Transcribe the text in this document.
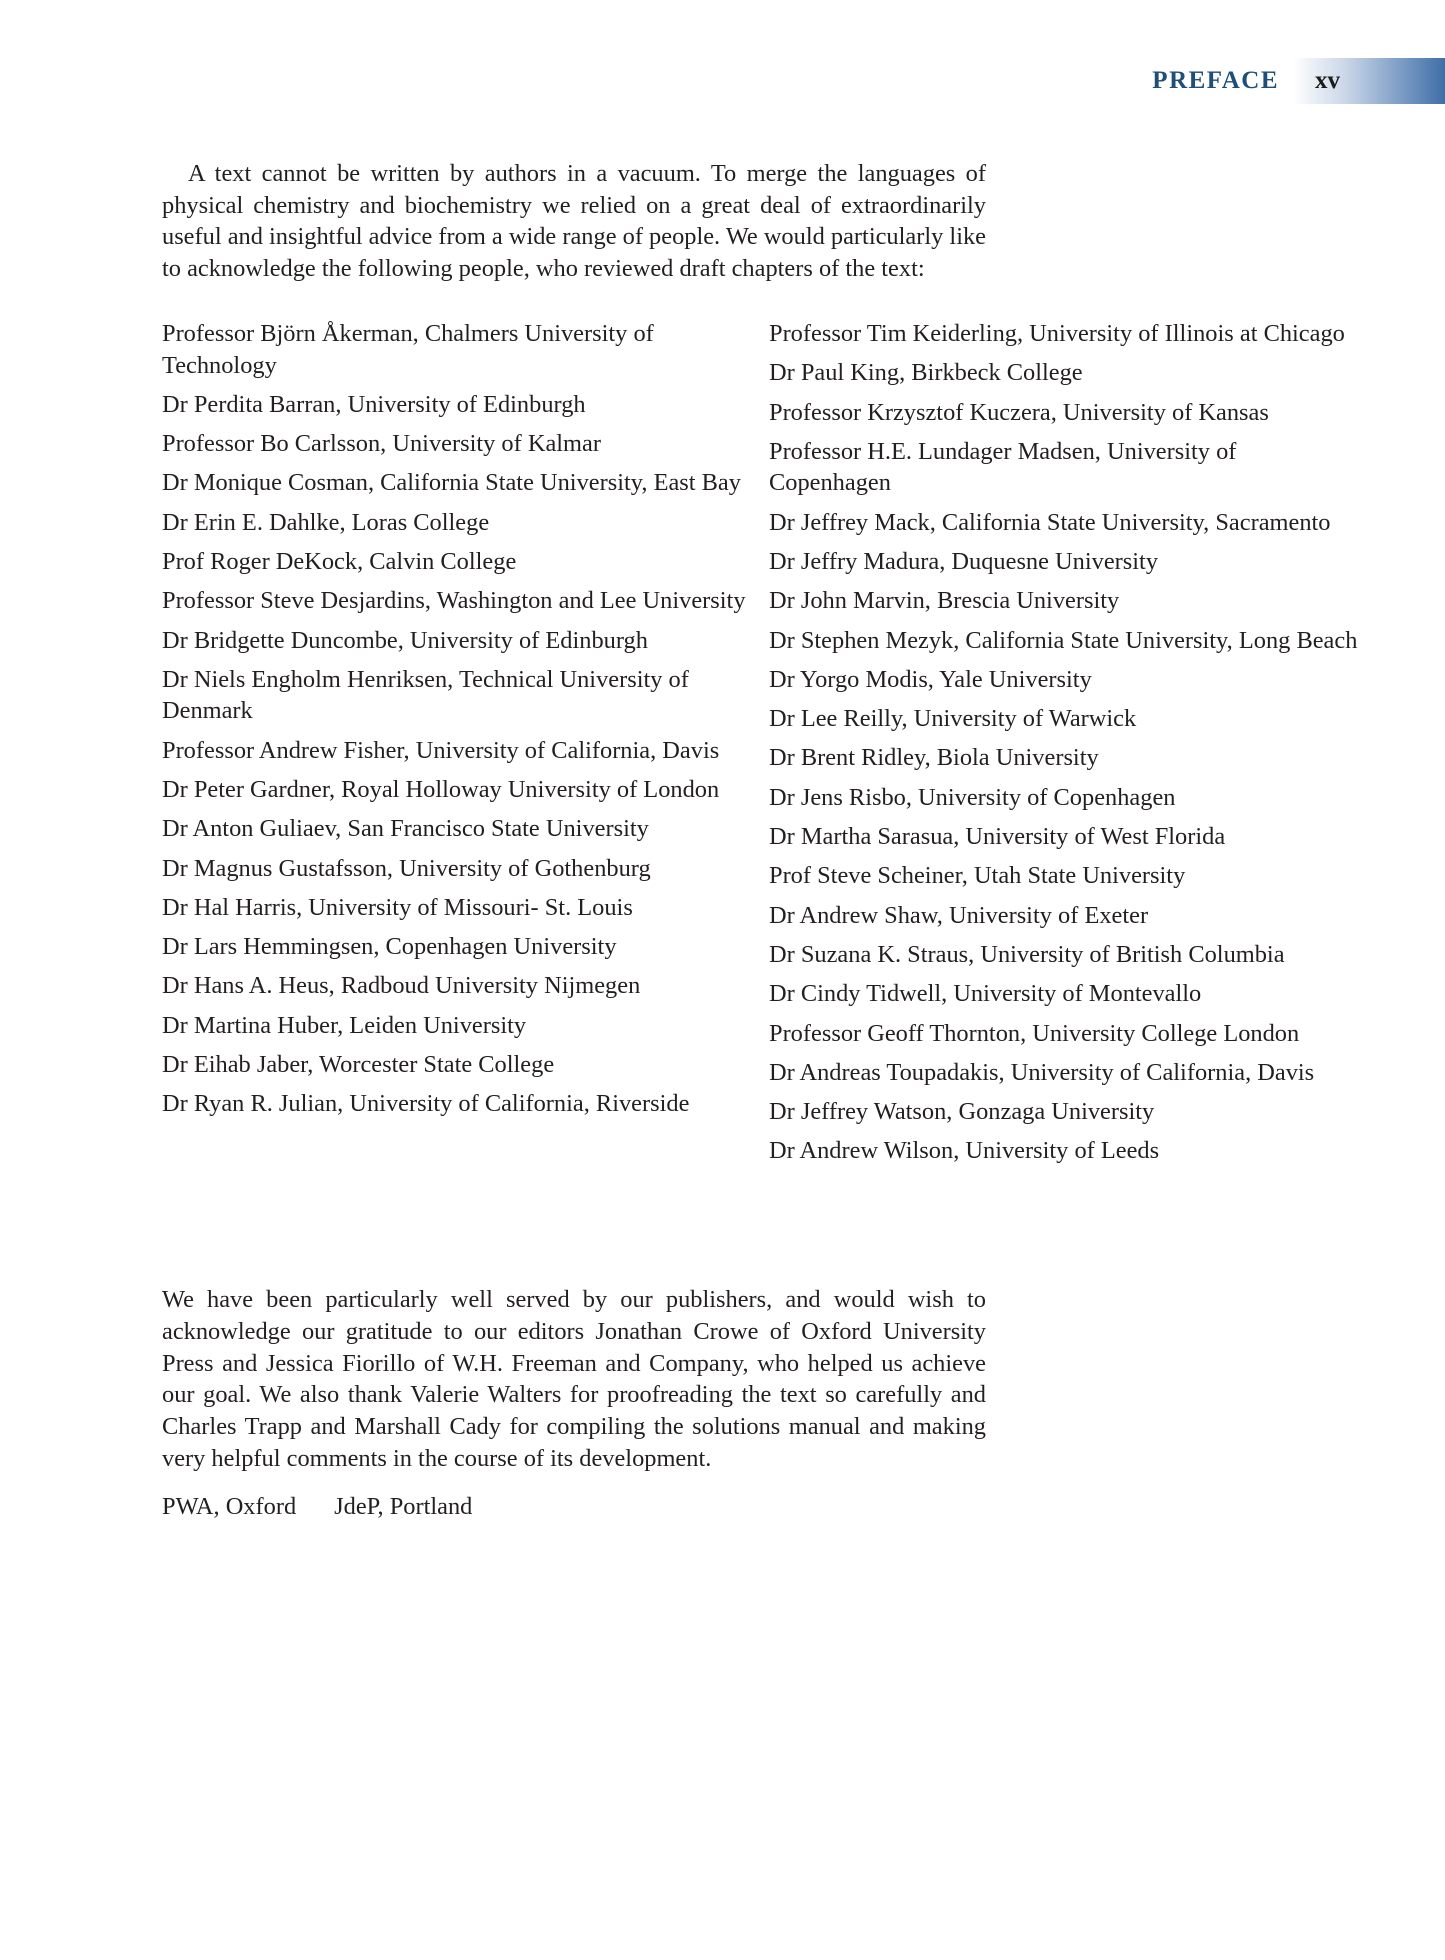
PREFACE xv

A text cannot be written by authors in a vacuum. To merge the languages of physical chemistry and biochemistry we relied on a great deal of extraordinarily useful and insightful advice from a wide range of people. We would particularly like to acknowledge the following people, who reviewed draft chapters of the text:

Professor Björn Åkerman, Chalmers University of Technology
Dr Perdita Barran, University of Edinburgh
Professor Bo Carlsson, University of Kalmar
Dr Monique Cosman, California State University, East Bay
Dr Erin E. Dahlke, Loras College
Prof Roger DeKock, Calvin College
Professor Steve Desjardins, Washington and Lee University
Dr Bridgette Duncombe, University of Edinburgh
Dr Niels Engholm Henriksen, Technical University of Denmark
Professor Andrew Fisher, University of California, Davis
Dr Peter Gardner, Royal Holloway University of London
Dr Anton Guliaev, San Francisco State University
Dr Magnus Gustafsson, University of Gothenburg
Dr Hal Harris, University of Missouri- St. Louis
Dr Lars Hemmingsen, Copenhagen University
Dr Hans A. Heus, Radboud University Nijmegen
Dr Martina Huber, Leiden University
Dr Eihab Jaber, Worcester State College
Dr Ryan R. Julian, University of California, Riverside
Professor Tim Keiderling, University of Illinois at Chicago
Dr Paul King, Birkbeck College
Professor Krzysztof Kuczera, University of Kansas
Professor H.E. Lundager Madsen, University of Copenhagen
Dr Jeffrey Mack, California State University, Sacramento
Dr Jeffry Madura, Duquesne University
Dr John Marvin, Brescia University
Dr Stephen Mezyk, California State University, Long Beach
Dr Yorgo Modis, Yale University
Dr Lee Reilly, University of Warwick
Dr Brent Ridley, Biola University
Dr Jens Risbo, University of Copenhagen
Dr Martha Sarasua, University of West Florida
Prof Steve Scheiner, Utah State University
Dr Andrew Shaw, University of Exeter
Dr Suzana K. Straus, University of British Columbia
Dr Cindy Tidwell, University of Montevallo
Professor Geoff Thornton, University College London
Dr Andreas Toupadakis, University of California, Davis
Dr Jeffrey Watson, Gonzaga University
Dr Andrew Wilson, University of Leeds

We have been particularly well served by our publishers, and would wish to acknowledge our gratitude to our editors Jonathan Crowe of Oxford University Press and Jessica Fiorillo of W.H. Freeman and Company, who helped us achieve our goal. We also thank Valerie Walters for proofreading the text so carefully and Charles Trapp and Marshall Cady for compiling the solutions manual and making very helpful comments in the course of its development.

PWA, Oxford JdeP, Portland
